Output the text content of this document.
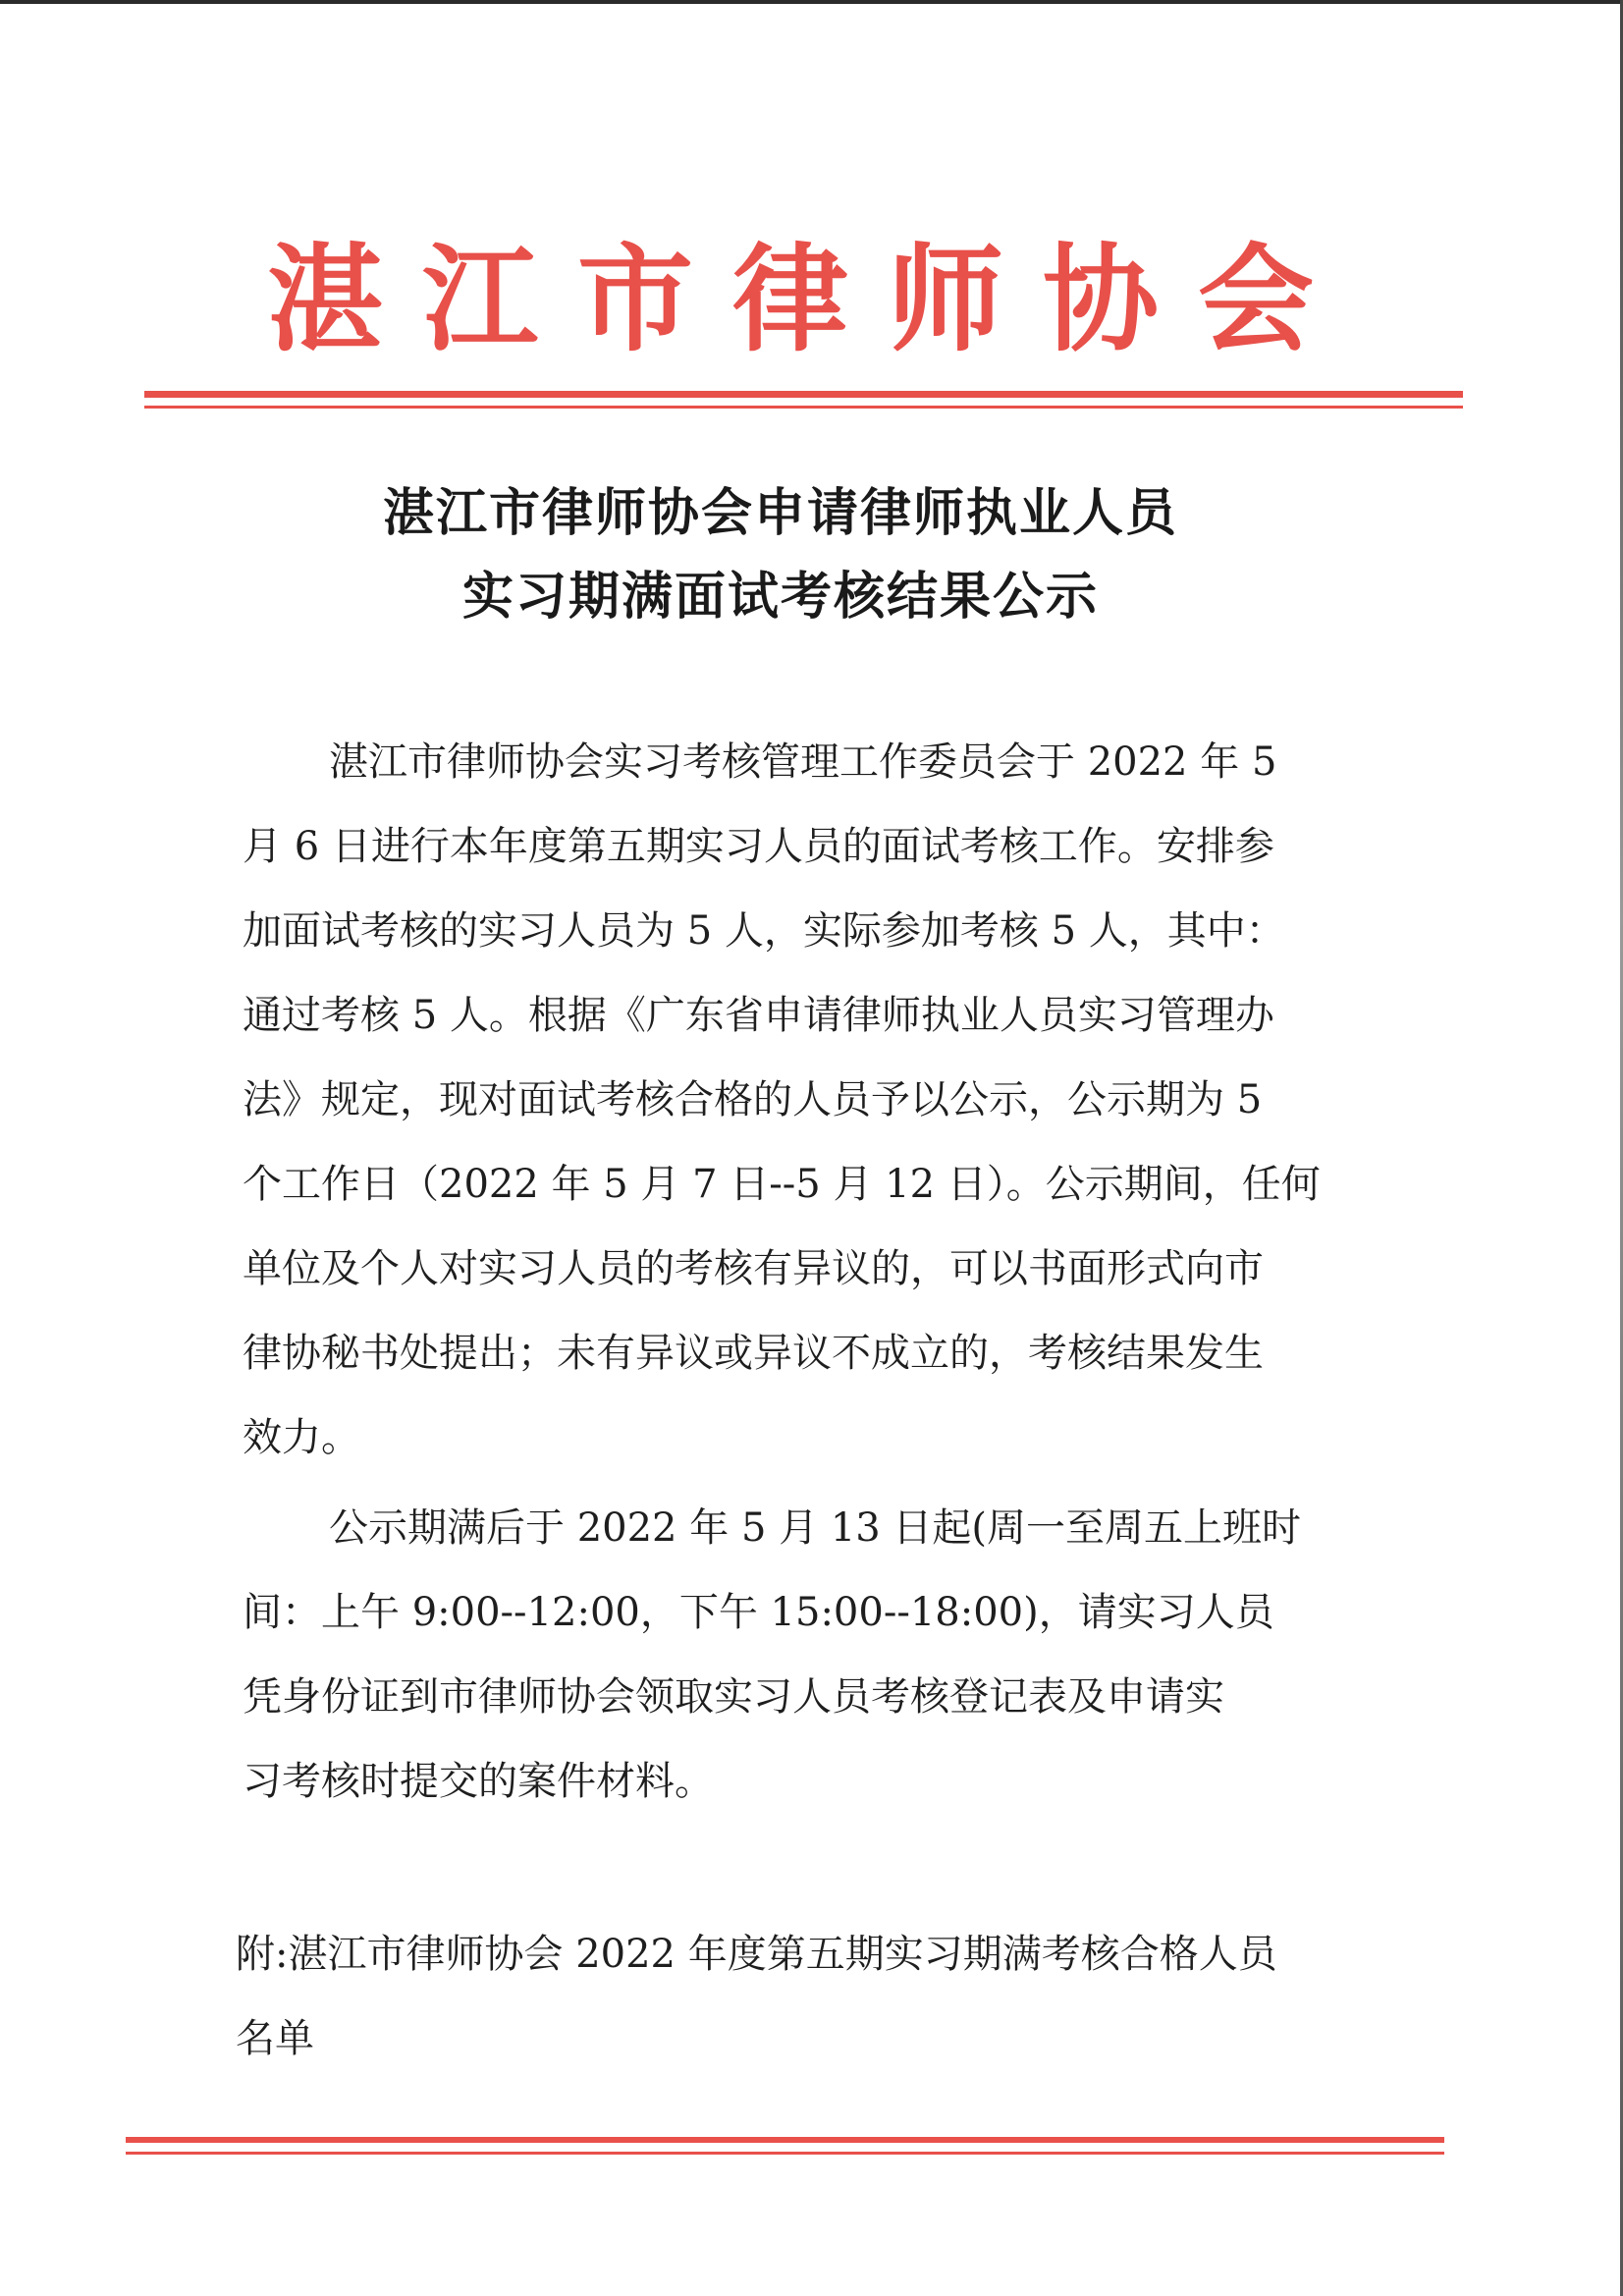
湛江市律师协会
湛江市律师协会申请律师执业人员
实习期满面试考核结果公示
湛江市律师协会实习考核管理工作委员会于 2022 年 5
月 6 日进行本年度第五期实习人员的面试考核工作。安排参
加面试考核的实习人员为 5 人，实际参加考核 5 人，其中：
通过考核 5 人。根据《广东省申请律师执业人员实习管理办
法》规定，现对面试考核合格的人员予以公示，公示期为 5
个工作日（2022 年 5 月 7 日--5 月 12 日）。公示期间，任何
单位及个人对实习人员的考核有异议的，可以书面形式向市
律协秘书处提出；未有异议或异议不成立的，考核结果发生
效力。
公示期满后于 2022 年 5 月 13 日起(周一至周五上班时
间：上午 9:00--12:00，下午 15:00--18:00)，请实习人员
凭身份证到市律师协会领取实习人员考核登记表及申请实
习考核时提交的案件材料。
附:湛江市律师协会 2022 年度第五期实习期满考核合格人员
名单
